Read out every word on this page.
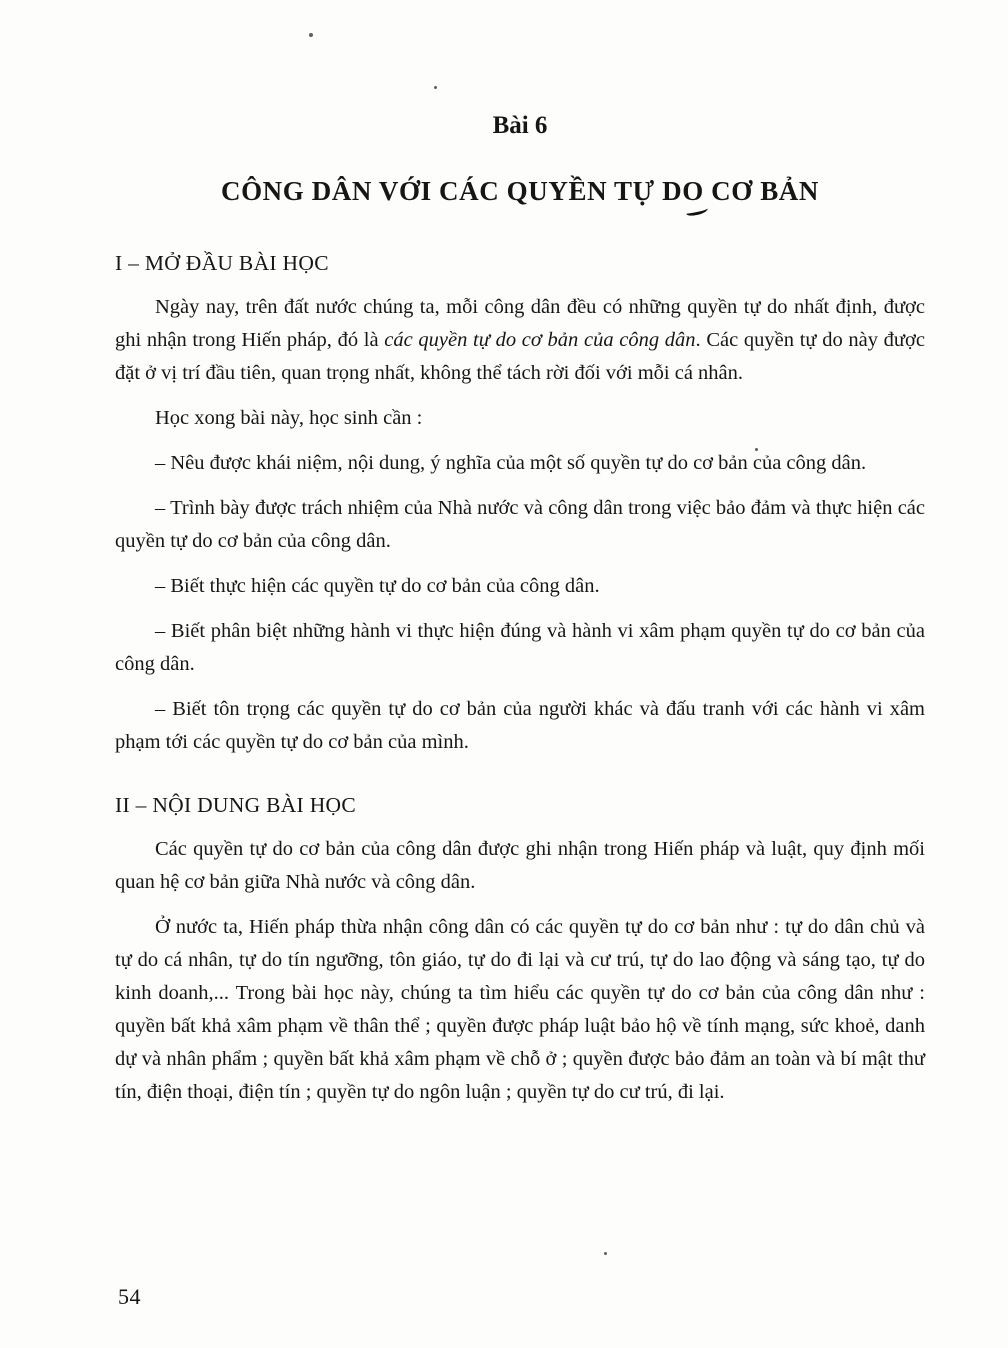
Bài 6
CÔNG DÂN VỚI CÁC QUYỀN TỰ DO CƠ BẢN
I – MỞ ĐẦU BÀI HỌC

Ngày nay, trên đất nước chúng ta, mỗi công dân đều có những quyền tự do nhất định, được ghi nhận trong Hiến pháp, đó là các quyền tự do cơ bản của công dân. Các quyền tự do này được đặt ở vị trí đầu tiên, quan trọng nhất, không thể tách rời đối với mỗi cá nhân.

Học xong bài này, học sinh cần :

– Nêu được khái niệm, nội dung, ý nghĩa của một số quyền tự do cơ bản của công dân.

– Trình bày được trách nhiệm của Nhà nước và công dân trong việc bảo đảm và thực hiện các quyền tự do cơ bản của công dân.

– Biết thực hiện các quyền tự do cơ bản của công dân.

– Biết phân biệt những hành vi thực hiện đúng và hành vi xâm phạm quyền tự do cơ bản của công dân.

– Biết tôn trọng các quyền tự do cơ bản của người khác và đấu tranh với các hành vi xâm phạm tới các quyền tự do cơ bản của mình.

II – NỘI DUNG BÀI HỌC

Các quyền tự do cơ bản của công dân được ghi nhận trong Hiến pháp và luật, quy định mối quan hệ cơ bản giữa Nhà nước và công dân.

Ở nước ta, Hiến pháp thừa nhận công dân có các quyền tự do cơ bản như : tự do dân chủ và tự do cá nhân, tự do tín ngưỡng, tôn giáo, tự do đi lại và cư trú, tự do lao động và sáng tạo, tự do kinh doanh,... Trong bài học này, chúng ta tìm hiểu các quyền tự do cơ bản của công dân như : quyền bất khả xâm phạm về thân thể ; quyền được pháp luật bảo hộ về tính mạng, sức khoẻ, danh dự và nhân phẩm ; quyền bất khả xâm phạm về chỗ ở ; quyền được bảo đảm an toàn và bí mật thư tín, điện thoại, điện tín ; quyền tự do ngôn luận ; quyền tự do cư trú, đi lại.

54
